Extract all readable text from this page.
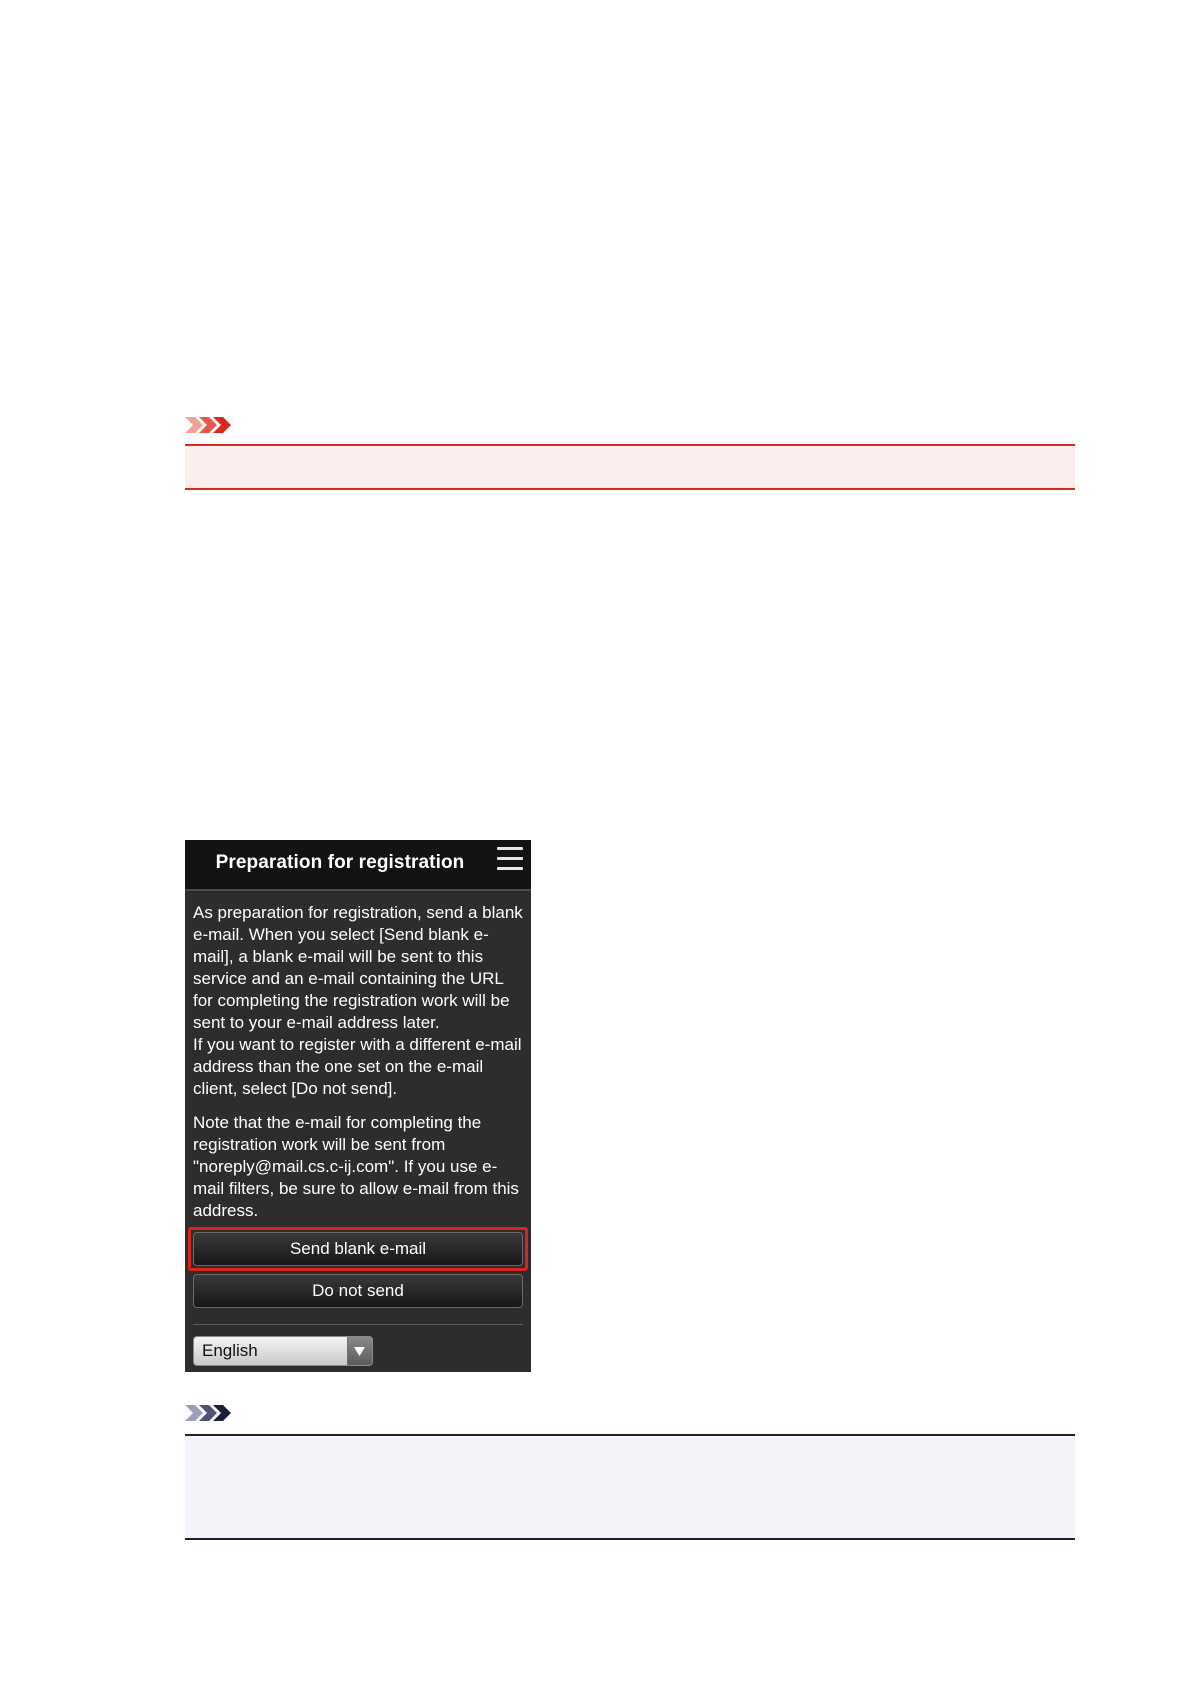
Preparation for registration

As preparation for registration, send a blank e-mail. When you select [Send blank e-mail], a blank e-mail will be sent to this service and an e-mail containing the URL for completing the registration work will be sent to your e-mail address later.

If you want to register with a different e-mail address than the one set on the e-mail client, select [Do not send].

Note that the e-mail for completing the registration work will be sent from "noreply@mail.cs.c-ij.com". If you use e-mail filters, be sure to allow e-mail from this address.

Send blank e-mail
Do not send
English
